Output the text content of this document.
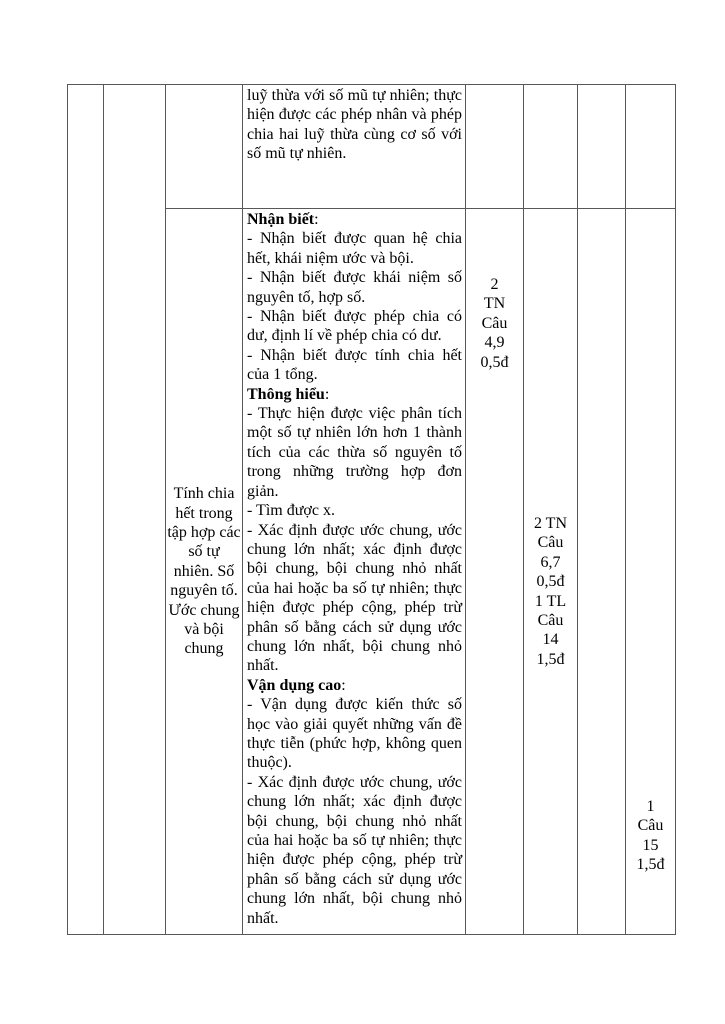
luỹ thừa với số mũ tự nhiên; thực hiện được các phép nhân và phép chia hai luỹ thừa cùng cơ số với số mũ tự nhiên.
Tính chia hết trong tập hợp các số tự nhiên. Số nguyên tố. Ước chung và bội chung
Nhận biết:
- Nhận biết được quan hệ chia hết, khái niệm ước và bội.
- Nhận biết được khái niệm số nguyên tố, hợp số.
- Nhận biết được phép chia có dư, định lí về phép chia có dư.
- Nhận biết được tính chia hết của 1 tổng.
Thông hiểu:
- Thực hiện được việc phân tích một số tự nhiên lớn hơn 1 thành tích của các thừa số nguyên tố trong những trường hợp đơn giản.
- Tìm được x.
- Xác định được ước chung, ước chung lớn nhất; xác định được bội chung, bội chung nhỏ nhất của hai hoặc ba số tự nhiên; thực hiện được phép cộng, phép trừ phân số bằng cách sử dụng ước chung lớn nhất, bội chung nhỏ nhất.
Vận dụng cao:
- Vận dụng được kiến thức số học vào giải quyết những vấn đề thực tiễn (phức hợp, không quen thuộc).
- Xác định được ước chung, ước chung lớn nhất; xác định được bội chung, bội chung nhỏ nhất của hai hoặc ba số tự nhiên; thực hiện được phép cộng, phép trừ phân số bằng cách sử dụng ước chung lớn nhất, bội chung nhỏ nhất.
2
TN
Câu
4,9
0,5đ
2 TN
Câu
6,7
0,5đ
1 TL
Câu
14
1,5đ
1
Câu
15
1,5đ
